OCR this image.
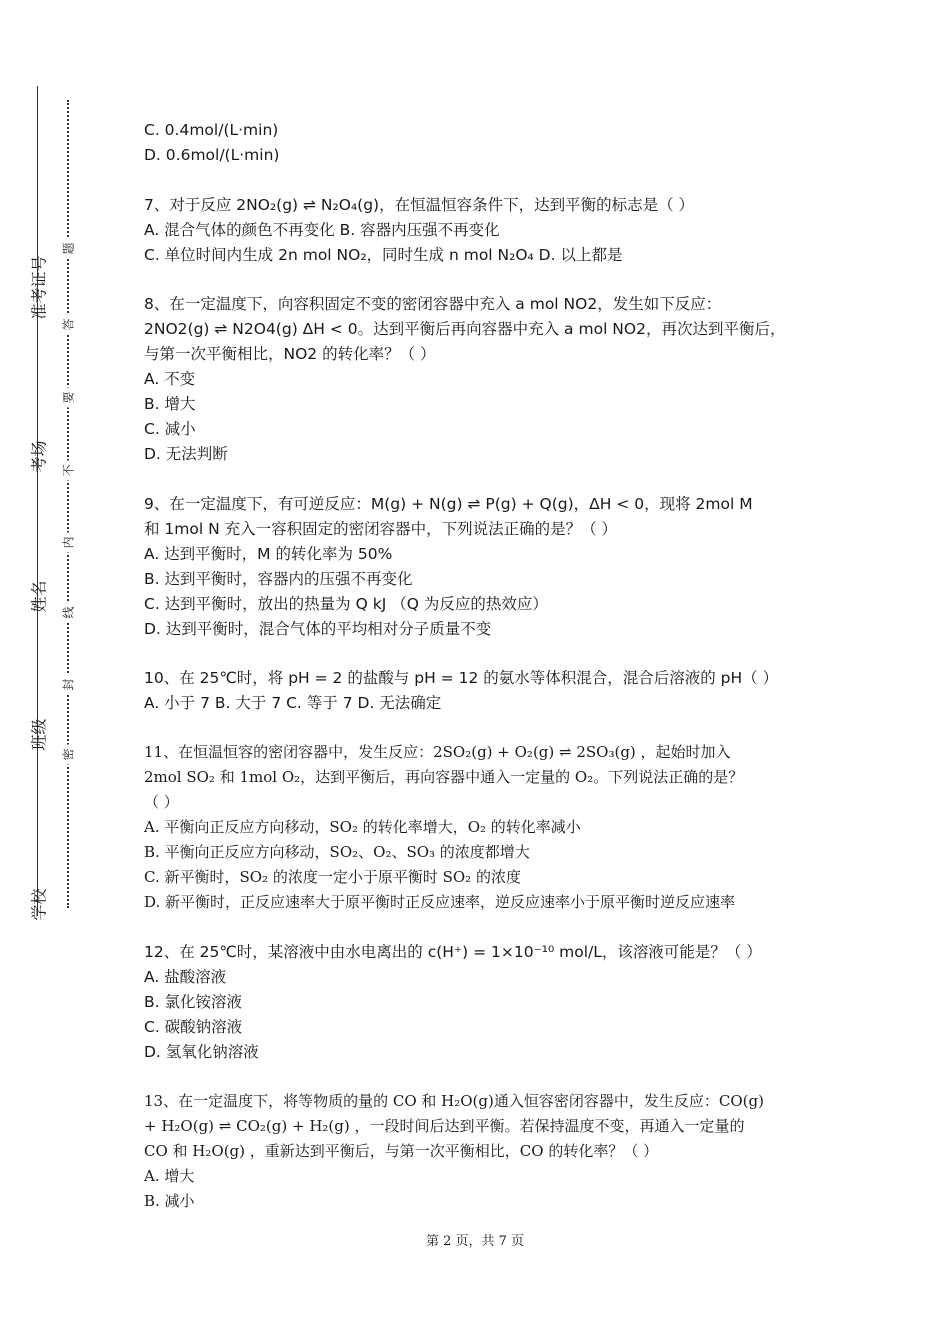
准考证号
考场
姓名
班级
学校
题
答
要
不
内
线
封
密
C. 0.4mol/(L·min)
D. 0.6mol/(L·min)
7、对于反应 2NO₂(g) ⇌ N₂O₄(g)，在恒温恒容条件下，达到平衡的标志是（ ）
A. 混合气体的颜色不再变化 B. 容器内压强不再变化
C. 单位时间内生成 2n mol NO₂，同时生成 n mol N₂O₄ D. 以上都是
8、在一定温度下，向容积固定不变的密闭容器中充入 a mol NO2，发生如下反应：
2NO2(g) ⇌ N2O4(g) ΔH < 0。达到平衡后再向容器中充入 a mol NO2，再次达到平衡后，
与第一次平衡相比，NO2 的转化率？（ ）
A. 不变
B. 增大
C. 减小
D. 无法判断
9、在一定温度下，有可逆反应：M(g) + N(g) ⇌ P(g) + Q(g)，ΔH < 0，现将 2mol M
和 1mol N 充入一容积固定的密闭容器中，下列说法正确的是？（ ）
A. 达到平衡时，M 的转化率为 50%
B. 达到平衡时，容器内的压强不再变化
C. 达到平衡时，放出的热量为 Q kJ （Q 为反应的热效应）
D. 达到平衡时，混合气体的平均相对分子质量不变
10、在 25℃时，将 pH = 2 的盐酸与 pH = 12 的氨水等体积混合，混合后溶液的 pH（ ）
A. 小于 7 B. 大于 7 C. 等于 7 D. 无法确定
11、在恒温恒容的密闭容器中，发生反应：2SO₂(g) + O₂(g) ⇌ 2SO₃(g) ，起始时加入
2mol SO₂ 和 1mol O₂，达到平衡后，再向容器中通入一定量的 O₂。下列说法正确的是？
（ ）
A. 平衡向正反应方向移动，SO₂ 的转化率增大，O₂ 的转化率减小
B. 平衡向正反应方向移动，SO₂、O₂、SO₃ 的浓度都增大
C. 新平衡时，SO₂ 的浓度一定小于原平衡时 SO₂ 的浓度
D. 新平衡时，正反应速率大于原平衡时正反应速率，逆反应速率小于原平衡时逆反应速率
12、在 25℃时，某溶液中由水电离出的 c(H⁺) = 1×10⁻¹⁰ mol/L，该溶液可能是？（ ）
A. 盐酸溶液
B. 氯化铵溶液
C. 碳酸钠溶液
D. 氢氧化钠溶液
13、在一定温度下，将等物质的量的 CO 和 H₂O(g)通入恒容密闭容器中，发生反应：CO(g)
+ H₂O(g) ⇌ CO₂(g) + H₂(g) ，一段时间后达到平衡。若保持温度不变，再通入一定量的
CO 和 H₂O(g) ，重新达到平衡后，与第一次平衡相比，CO 的转化率？（ ）
A. 增大
B. 减小
第 2 页，共 7 页
